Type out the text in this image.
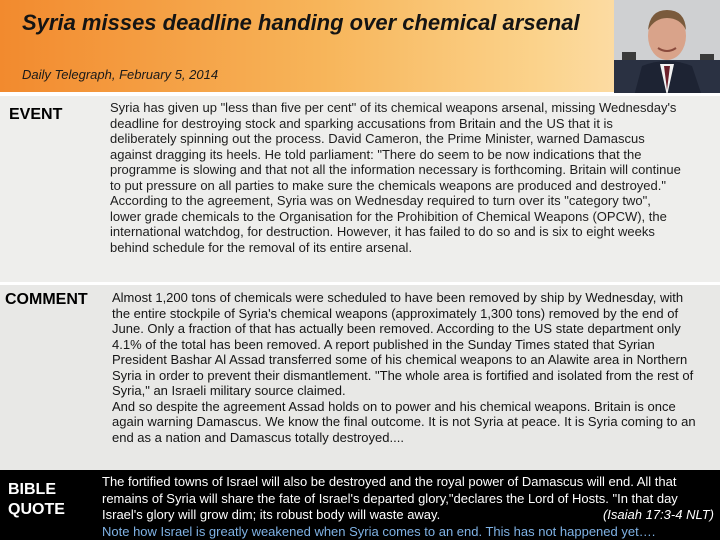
Syria misses deadline handing over chemical arsenal
Daily Telegraph, February 5, 2014
EVENT	Syria has given up "less than five per cent" of its chemical weapons arsenal, missing Wednesday's deadline for destroying stock and sparking accusations from Britain and the US that it is deliberately spinning out the process. David Cameron, the Prime Minister, warned Damascus against dragging its heels. He told parliament: "There do seem to be now indications that the programme is slowing and that not all the information necessary is forthcoming. Britain will continue to put pressure on all parties to make sure the chemicals weapons are produced and destroyed." According to the agreement, Syria was on Wednesday required to turn over its "category two", lower grade chemicals to the Organisation for the Prohibition of Chemical Weapons (OPCW), the international watchdog, for destruction. However, it has failed to do so and is six to eight weeks behind schedule for the removal of its entire arsenal.
COMMENT Almost 1,200 tons of chemicals were scheduled to have been removed by ship by Wednesday, with the entire stockpile of Syria's chemical weapons (approximately 1,300 tons) removed by the end of June. Only a fraction of that has actually been removed. According to the US state department only 4.1% of the total has been removed. A report published in the Sunday Times stated that Syrian President Bashar Al Assad transferred some of his chemical weapons to an Alawite area in Northern Syria in order to prevent their dismantlement. "The whole area is fortified and isolated from the rest of Syria," an Israeli military source claimed.
And so despite the agreement Assad holds on to power and his chemical weapons. Britain is once again warning Damascus. We know the final outcome. It is not Syria at peace. It is Syria coming to an end as a nation and Damascus totally destroyed....
BIBLE
QUOTE
The fortified towns of Israel will also be destroyed and the royal power of Damascus will end. All that remains of Syria will share the fate of Israel's departed glory,"declares the Lord of Hosts. "In that day Israel's glory will grow dim; its robust body will waste away.	(Isaiah 17:3-4 NLT)
Note how Israel is greatly weakened when Syria comes to an end. This has not happened yet….
